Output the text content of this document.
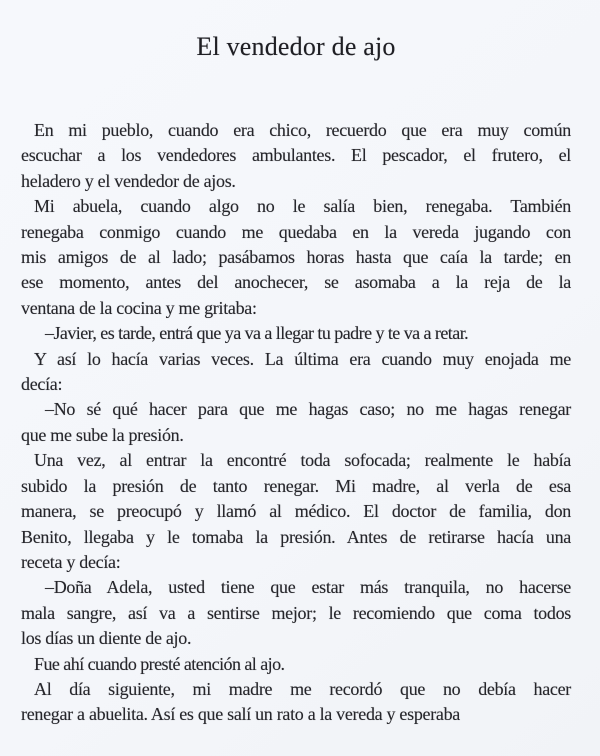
El vendedor de ajo

En mi pueblo, cuando era chico, recuerdo que era muy común
escuchar a los vendedores ambulantes. El pescador, el frutero, el
heladero y el vendedor de ajos.

Mi abuela, cuando algo no le salía bien, renegaba. También
renegaba conmigo cuando me quedaba en la vereda jugando con
mis amigos de al lado; pasábamos horas hasta que caía la tarde; en
ese momento, antes del anochecer, se asomaba a la reja de la
ventana de la cocina y me gritaba:

–Javier, es tarde, entrá que ya va a llegar tu padre y te va a retar.

Y así lo hacía varias veces. La última era cuando muy enojada me
decía:

–No sé qué hacer para que me hagas caso; no me hagas renegar
que me sube la presión.

Una vez, al entrar la encontré toda sofocada; realmente le había
subido la presión de tanto renegar. Mi madre, al verla de esa
manera, se preocupó y llamó al médico. El doctor de familia, don
Benito, llegaba y le tomaba la presión. Antes de retirarse hacía una
receta y decía:

–Doña Adela, usted tiene que estar más tranquila, no hacerse
mala sangre, así va a sentirse mejor; le recomiendo que coma todos
los días un diente de ajo.

Fue ahí cuando presté atención al ajo.

Al día siguiente, mi madre me recordó que no debía hacer
renegar a abuelita. Así es que salí un rato a la vereda y esperaba
